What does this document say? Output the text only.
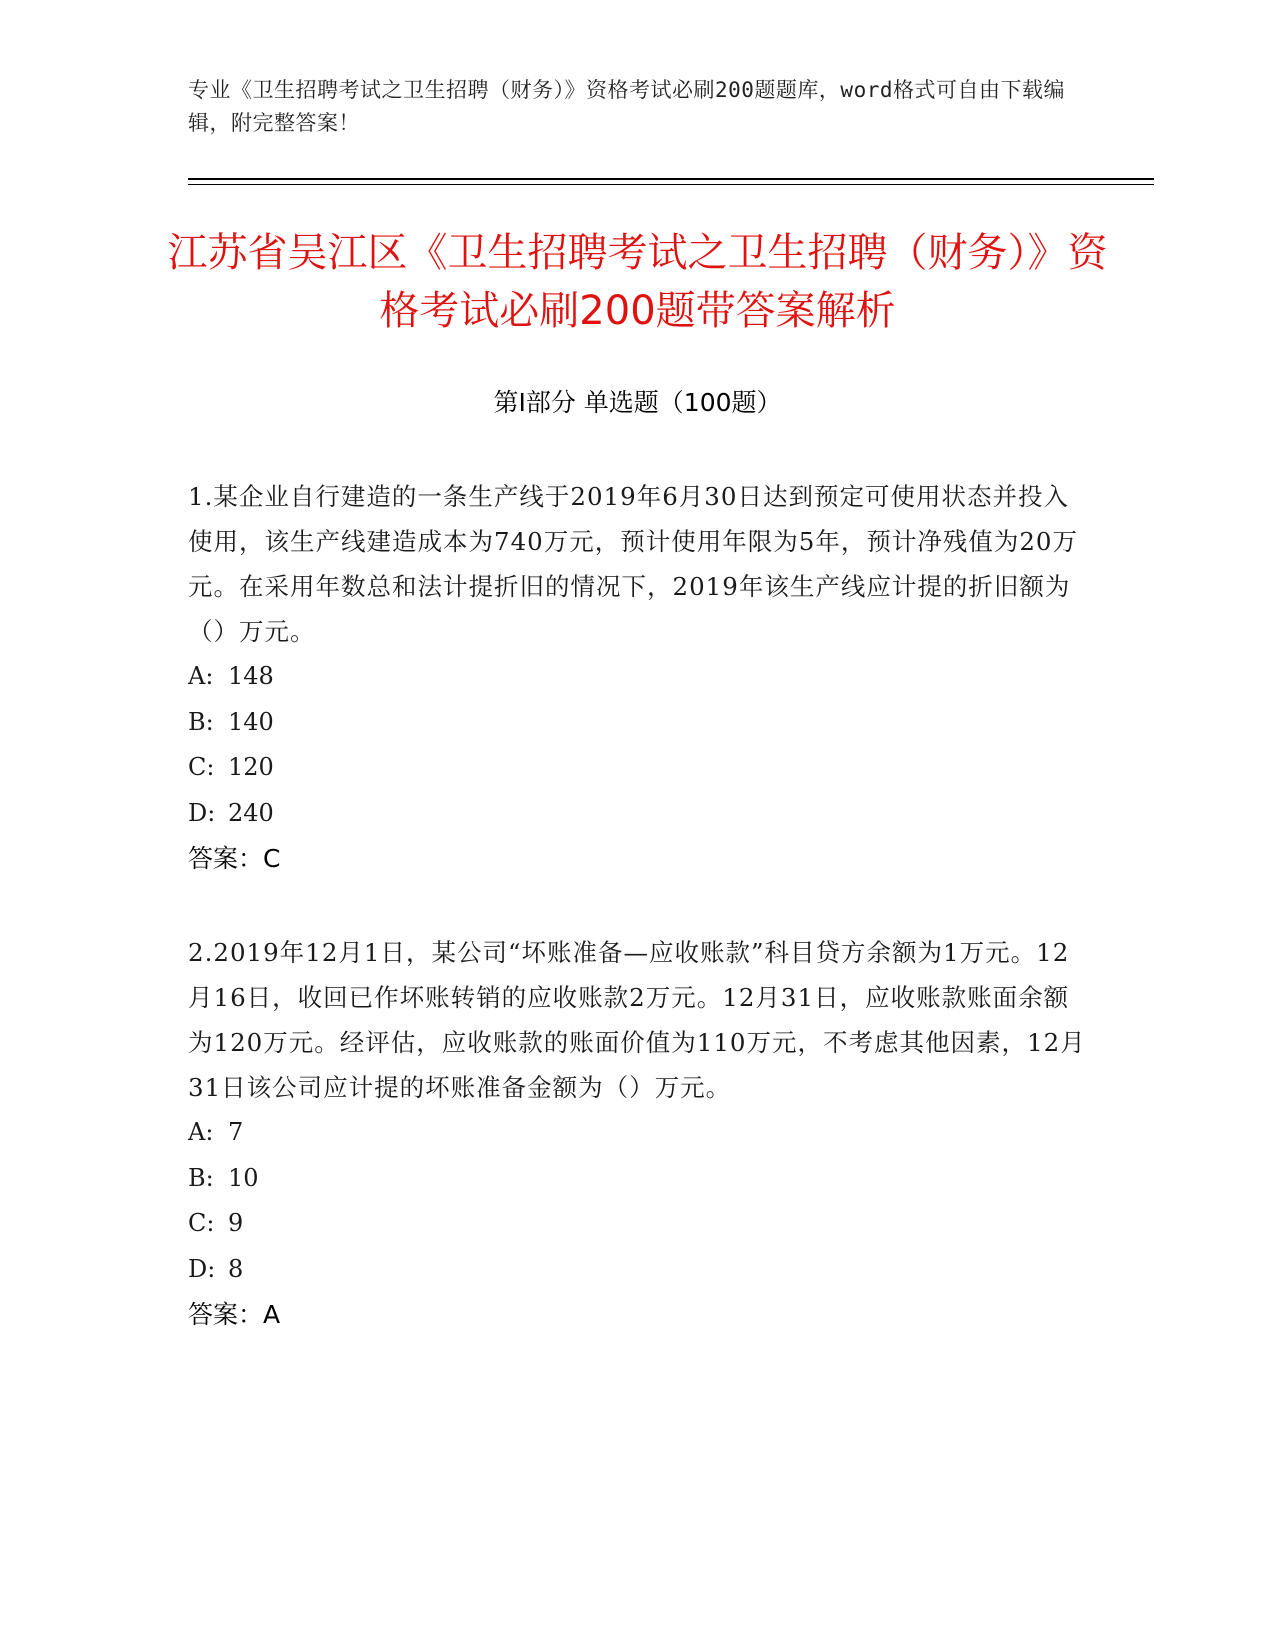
专业《卫生招聘考试之卫生招聘（财务）》资格考试必刷200题题库，word格式可自由下载编辑，附完整答案！
江苏省吴江区《卫生招聘考试之卫生招聘（财务）》资格考试必刷200题带答案解析
第Ⅰ部分 单选题（100题）

1.某企业自行建造的一条生产线于2019年6月30日达到预定可使用状态并投入使用，该生产线建造成本为740万元，预计使用年限为5年，预计净残值为20万元。在采用年数总和法计提折旧的情况下，2019年该生产线应计提的折旧额为（）万元。

A: 148
B: 140
C: 120
D: 240
答案：C

2.2019年12月1日，某公司“坏账准备—应收账款”科目贷方余额为1万元。12月16日，收回已作坏账转销的应收账款2万元。12月31日，应收账款账面余额为120万元。经评估，应收账款的账面价值为110万元，不考虑其他因素，12月31日该公司应计提的坏账准备金额为（）万元。

A: 7
B: 10
C: 9
D: 8
答案：A
